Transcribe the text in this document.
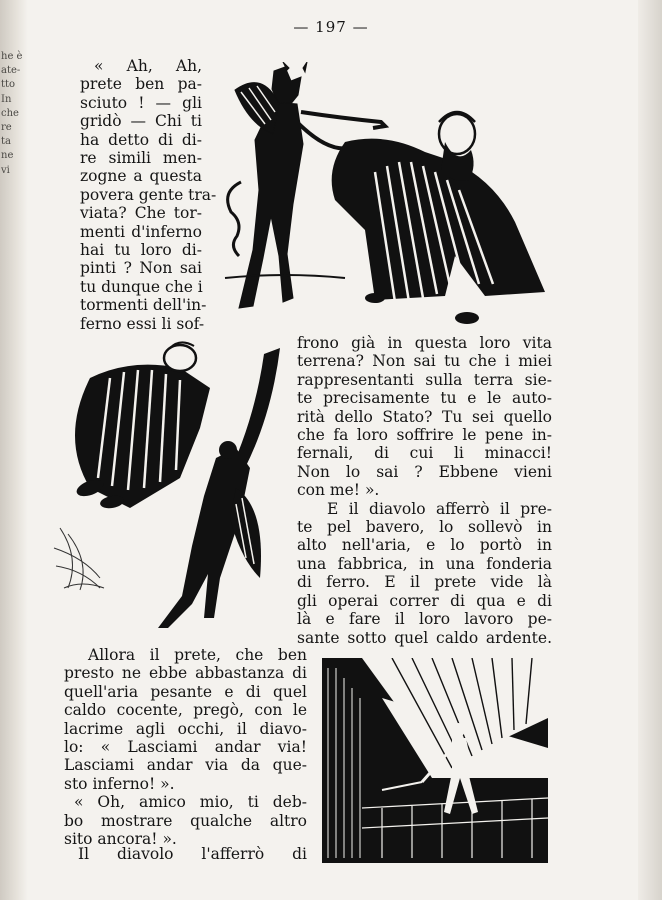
he è
ate-
tto
In
che
re
ta
ne
vi
— 197 —
« Ah, Ah,
prete ben pa-
sciuto ! — gli
gridò — Chi ti
ha detto di di-
re simili men-
zogne a questa
povera gente tra-
viata? Che tor-
menti d'inferno
hai tu loro di-
pinti ? Non sai
tu dunque che i
tormenti dell'in-
ferno essi li sof-
frono già in questa loro vita
terrena? Non sai tu che i miei
rappresentanti sulla terra sie-
te precisamente tu e le auto-
rità dello Stato? Tu sei quello
che fa loro soffrire le pene in-
fernali, di cui li minacci!
Non lo sai ? Ebbene vieni
con me! ».
E il diavolo afferrò il pre-
te pel bavero, lo sollevò in
alto nell'aria, e lo portò in
una fabbrica, in una fonderia
di ferro. E il prete vide là
gli operai correr di qua e di
là e fare il loro lavoro pe-
sante sotto quel caldo ardente.
Allora il prete, che ben
presto ne ebbe abbastanza di
quell'aria pesante e di quel
caldo cocente, pregò, con le
lacrime agli occhi, il diavo-
lo: « Lasciami andar via!
Lasciami andar via da que-
sto inferno! ».
« Oh, amico mio, ti deb-
bo mostrare qualche altro
sito ancora! ».
Il diavolo l'afferrò di
